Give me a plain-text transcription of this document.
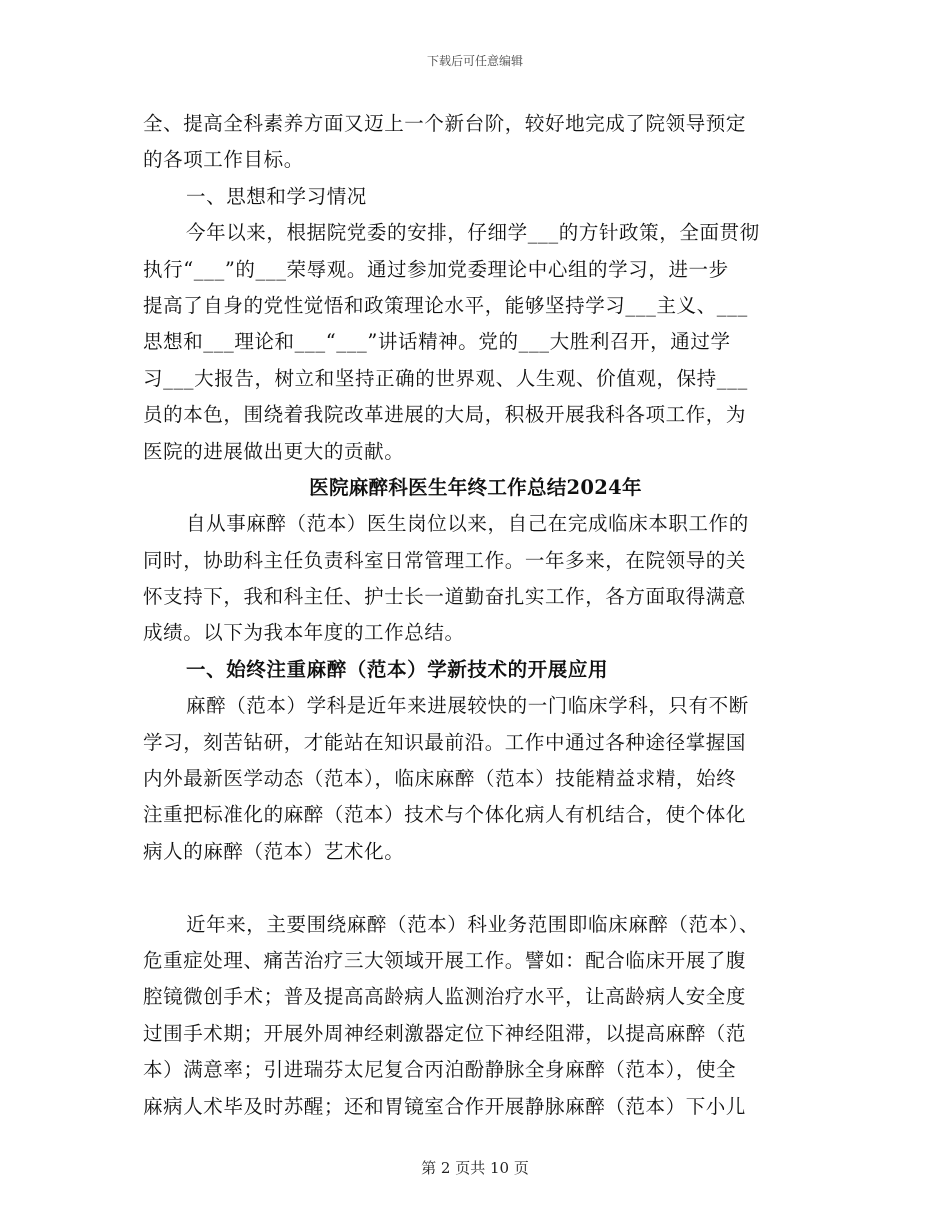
下载后可任意编辑
全、提高全科素养方面又迈上一个新台阶，较好地完成了院领导预定
的各项工作目标。
一、思想和学习情况
今年以来，根据院党委的安排，仔细学___的方针政策，全面贯彻
执行“___”的___荣辱观。通过参加党委理论中心组的学习，进一步
提高了自身的党性觉悟和政策理论水平，能够坚持学习___主义、___
思想和___理论和___“___”讲话精神。党的___大胜利召开，通过学
习___大报告，树立和坚持正确的世界观、人生观、价值观，保持___
员的本色，围绕着我院改革进展的大局，积极开展我科各项工作，为
医院的进展做出更大的贡献。
医院麻醉科医生年终工作总结2024年
自从事麻醉（范本）医生岗位以来，自己在完成临床本职工作的
同时，协助科主任负责科室日常管理工作。一年多来，在院领导的关
怀支持下，我和科主任、护士长一道勤奋扎实工作，各方面取得满意
成绩。以下为我本年度的工作总结。
一、始终注重麻醉（范本）学新技术的开展应用
麻醉（范本）学科是近年来进展较快的一门临床学科，只有不断
学习，刻苦钻研，才能站在知识最前沿。工作中通过各种途径掌握国
内外最新医学动态（范本），临床麻醉（范本）技能精益求精，始终
注重把标准化的麻醉（范本）技术与个体化病人有机结合，使个体化
病人的麻醉（范本）艺术化。
近年来，主要围绕麻醉（范本）科业务范围即临床麻醉（范本）、
危重症处理、痛苦治疗三大领域开展工作。譬如：配合临床开展了腹
腔镜微创手术；普及提高高龄病人监测治疗水平，让高龄病人安全度
过围手术期；开展外周神经刺激器定位下神经阻滞，以提高麻醉（范
本）满意率；引进瑞芬太尼复合丙泊酚静脉全身麻醉（范本），使全
麻病人术毕及时苏醒；还和胃镜室合作开展静脉麻醉（范本）下小儿
第 2 页共 10 页
